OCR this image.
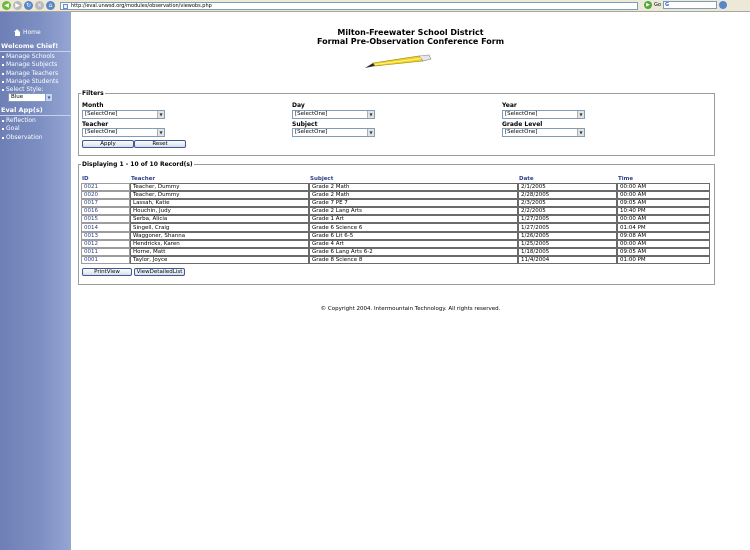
◀	▶	↻ ×	⌂	http://eval.unwsd.org/modules/observation/viewobs.php	▶ Go G
Home
Welcome Chief!
Manage Schools
Manage Subjects
Manage Teachers
Manage Students
Select Style:
Blue	▼
Eval App(s)
Reflection
Goal
Observation
Milton-Freewater School District
Formal Pre-Observation Conference Form
Filters
Month	Day	Year
[SelectOne]	▼	[SelectOne]	▼	[SelectOne]	▼
Teacher	Subject	Grade Level
[SelectOne]	▼	[SelectOne]	▼	[SelectOne]	▼
Apply	Reset
Displaying 1 - 10 of 10 Record(s)
ID	Teacher	Subject	Date	Time
0021	Teacher, Dummy	Grade 2 Math	2/1/2005	00:00 AM
0020	Teacher, Dummy	Grade 2 Math	2/28/2005	00:00 AM
0017	Lassah, Katie	Grade 7 PE 7	2/3/2005	09:05 AM
0016	Houchin, Judy	Grade 2 Lang Arts	2/2/2005	10:40 PM
0015	Serba, Alicia	Grade 1 Art	1/27/2005	00:00 AM
0014	Singell, Craig	Grade 6 Science 6	1/27/2005	01:04 PM
0013	Waggoner, Shanna	Grade 6 Lit 6-5	1/26/2005	09:08 AM
0012	Hendricks, Karen	Grade 4 Art	1/25/2005	00:00 AM
0011	Horne, Matt	Grade 6 Lang Arts 6-2	1/18/2005	09:05 AM
0001	Taylor, Joyce	Grade 8 Science 8	11/4/2004	01:00 PM
PrintView	ViewDetailedList
© Copyright 2004. Intermountain Technology. All rights reserved.
